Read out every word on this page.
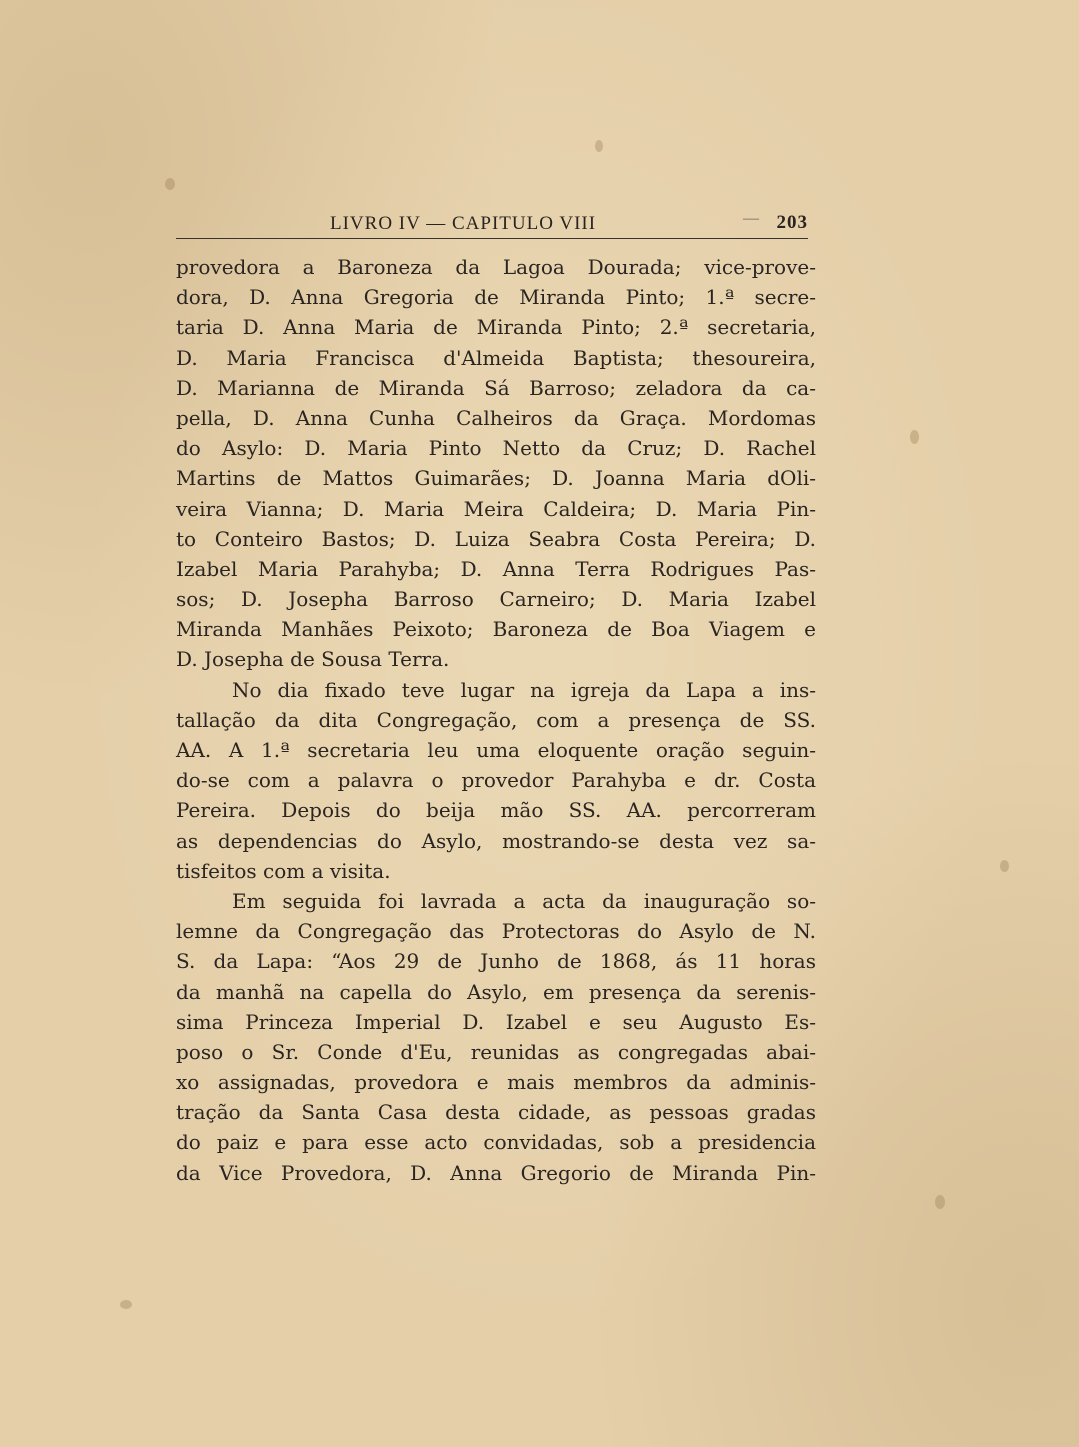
LIVRO IV — CAPITULO VIII	— 203
provedora a Baroneza da Lagoa Dourada; vice-prove-
dora, D. Anna Gregoria de Miranda Pinto; 1.ª secre-
taria D. Anna Maria de Miranda Pinto; 2.ª secretaria,
D. Maria Francisca d'Almeida Baptista; thesoureira,
D. Marianna de Miranda Sá Barroso; zeladora da ca-
pella, D. Anna Cunha Calheiros da Graça. Mordomas
do Asylo: D. Maria Pinto Netto da Cruz; D. Rachel
Martins de Mattos Guimarães; D. Joanna Maria dOli-
veira Vianna; D. Maria Meira Caldeira; D. Maria Pin-
to Conteiro Bastos; D. Luiza Seabra Costa Pereira; D.
Izabel Maria Parahyba; D. Anna Terra Rodrigues Pas-
sos; D. Josepha Barroso Carneiro; D. Maria Izabel
Miranda Manhães Peixoto; Baroneza de Boa Viagem e
D. Josepha de Sousa Terra.
No dia fixado teve lugar na igreja da Lapa a ins-
tallação da dita Congregação, com a presença de SS.
AA. A 1.ª secretaria leu uma eloquente oração seguin-
do-se com a palavra o provedor Parahyba e dr. Costa
Pereira. Depois do beija mão SS. AA. percorreram
as dependencias do Asylo, mostrando-se desta vez sa-
tisfeitos com a visita.
Em seguida foi lavrada a acta da inauguração so-
lemne da Congregação das Protectoras do Asylo de N.
S. da Lapa: “Aos 29 de Junho de 1868, ás 11 horas
da manhã na capella do Asylo, em presença da serenis-
sima Princeza Imperial D. Izabel e seu Augusto Es-
poso o Sr. Conde d'Eu, reunidas as congregadas abai-
xo assignadas, provedora e mais membros da adminis-
tração da Santa Casa desta cidade, as pessoas gradas
do paiz e para esse acto convidadas, sob a presidencia
da Vice Provedora, D. Anna Gregorio de Miranda Pin-
